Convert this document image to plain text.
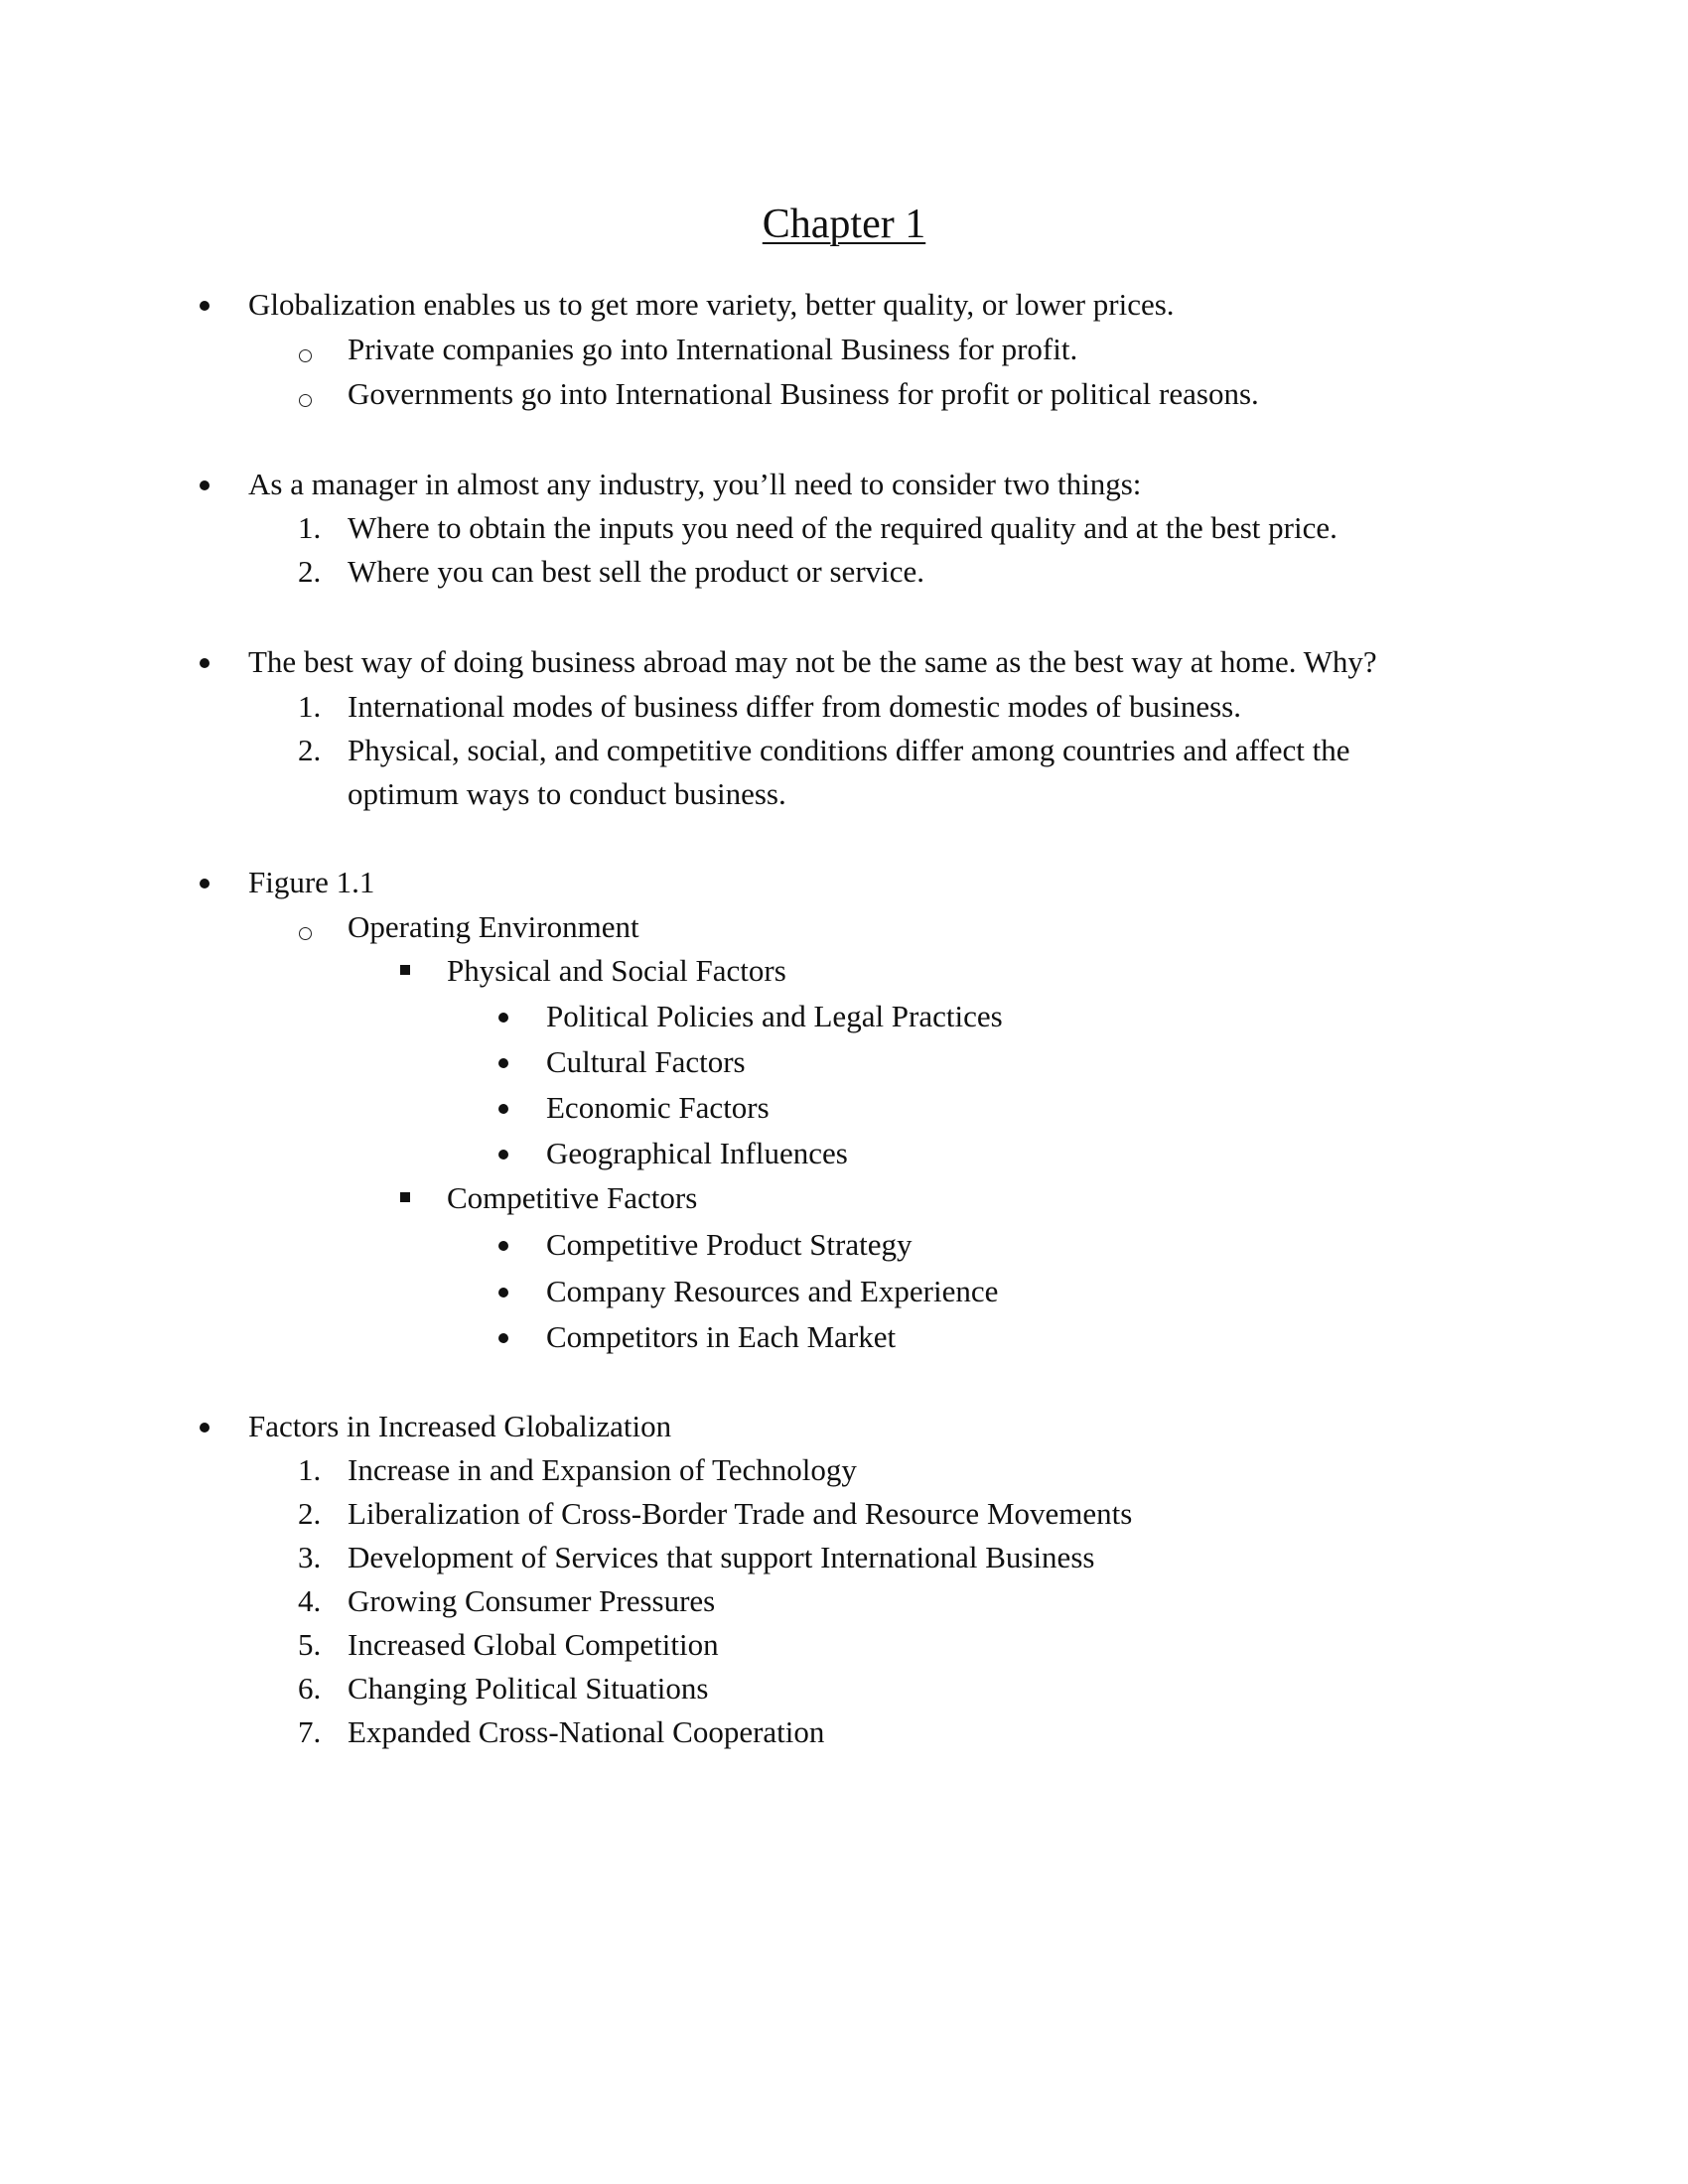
Chapter 1
Globalization enables us to get more variety, better quality, or lower prices.
Private companies go into International Business for profit.
Governments go into International Business for profit or political reasons.
As a manager in almost any industry, you’ll need to consider two things:
1. Where to obtain the inputs you need of the required quality and at the best price.
2. Where you can best sell the product or service.
The best way of doing business abroad may not be the same as the best way at home. Why?
1. International modes of business differ from domestic modes of business.
2. Physical, social, and competitive conditions differ among countries and affect the
optimum ways to conduct business.
Figure 1.1
Operating Environment
Physical and Social Factors
Political Policies and Legal Practices
Cultural Factors
Economic Factors
Geographical Influences
Competitive Factors
Competitive Product Strategy
Company Resources and Experience
Competitors in Each Market
Factors in Increased Globalization
1. Increase in and Expansion of Technology
2. Liberalization of Cross-Border Trade and Resource Movements
3. Development of Services that support International Business
4. Growing Consumer Pressures
5. Increased Global Competition
6. Changing Political Situations
7. Expanded Cross-National Cooperation
